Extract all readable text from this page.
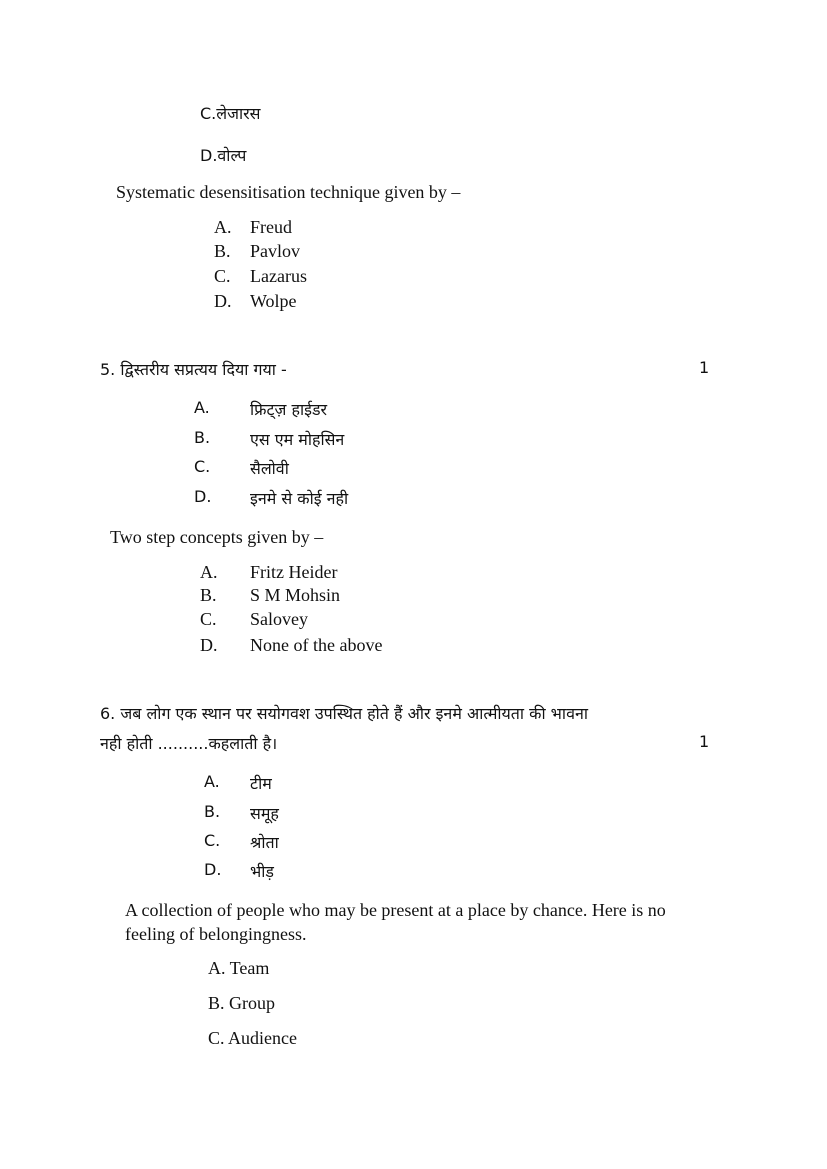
C.लेजारस
D.वोल्प
Systematic desensitisation technique given by –
A. Freud
B. Pavlov
C. Lazarus
D. Wolpe
5. द्विस्तरीय सप्रत्यय दिया गया -	1
A.	फ्रिट्ज़ हाईडर
B. एस एम मोहसिन
C. सैलोवी
D. इनमे से कोई नही
Two step concepts given by –
A. Fritz Heider
B. S M Mohsin
C. Salovey
D. None of the above
6. जब लोग एक स्थान पर सयोगवश उपस्थित होते हैं और इनमे आत्मीयता की भावना
नही होती ..........कहलाती है।	1
A. टीम
B. समूह
C. श्रोता
D. भीड़
A collection of people who may be present at a place by chance. Here is no
feeling of belongingness.
A. Team
B. Group
C. Audience
